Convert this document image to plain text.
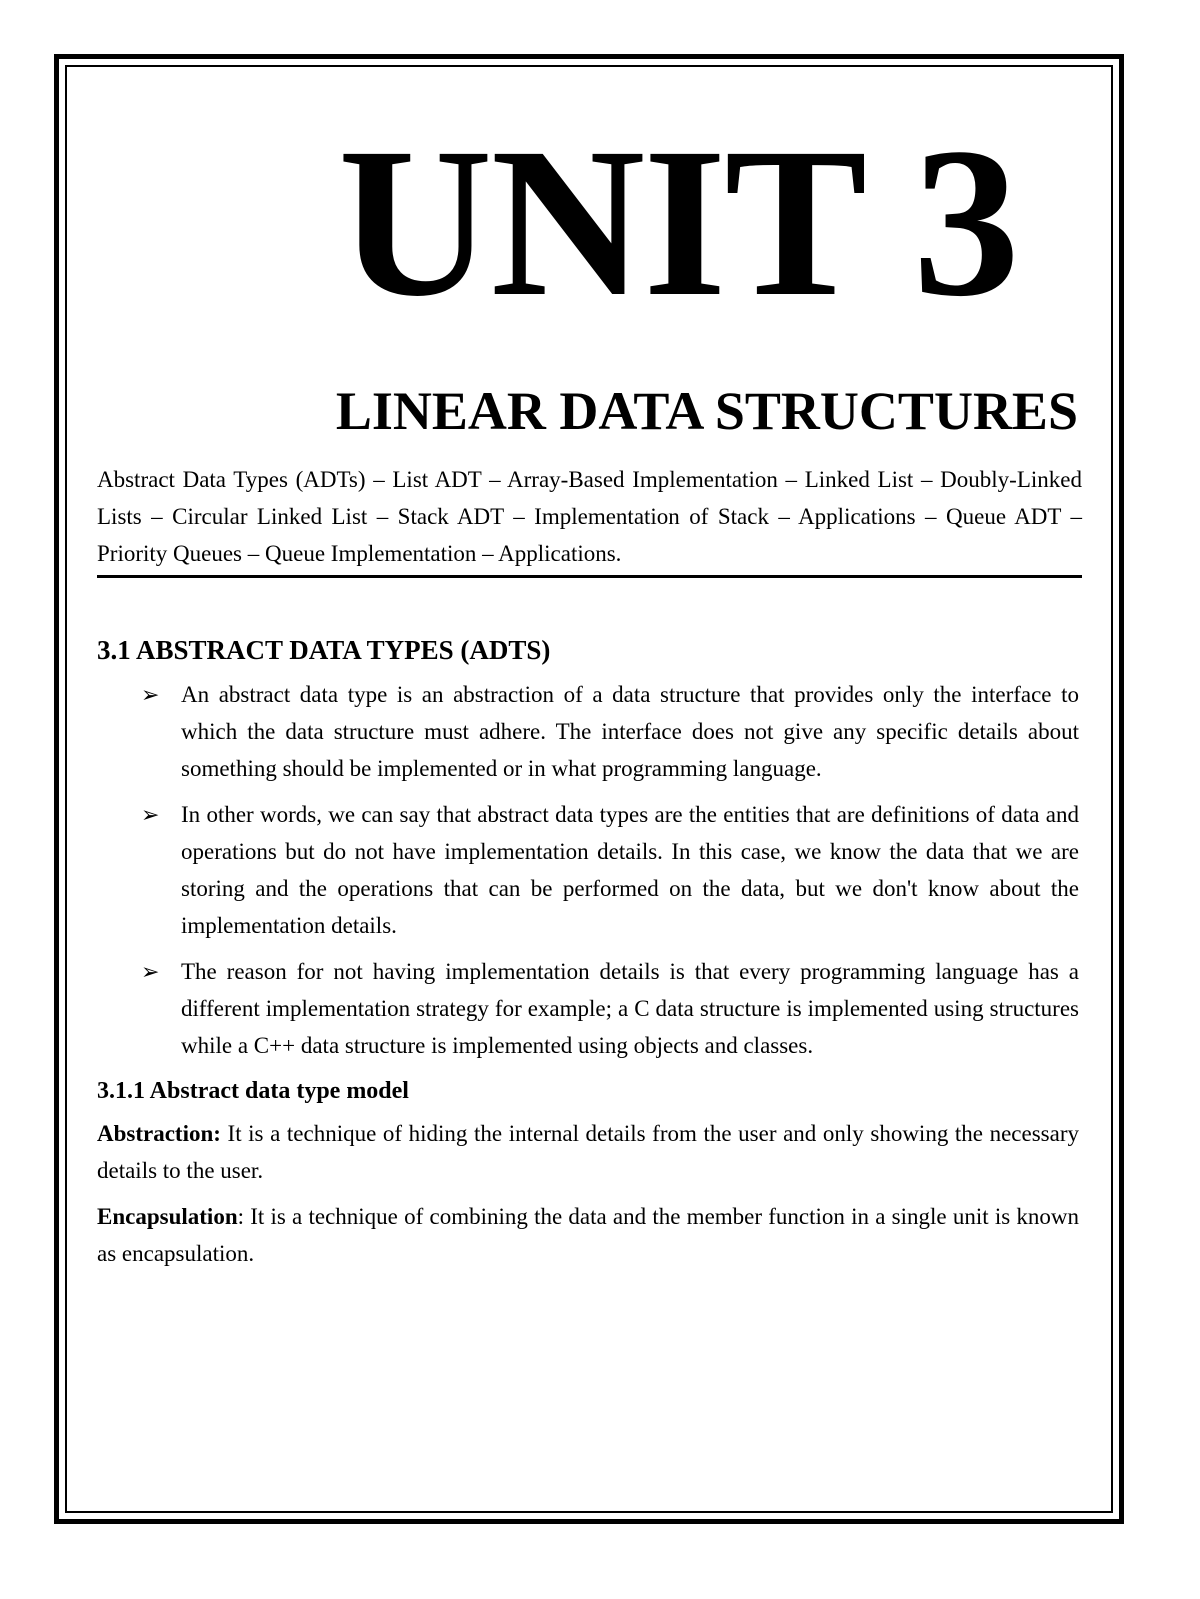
UNIT 3
LINEAR DATA STRUCTURES

Abstract Data Types (ADTs) – List ADT – Array-Based Implementation – Linked List – Doubly-Linked Lists – Circular Linked List – Stack ADT – Implementation of Stack – Applications – Queue ADT – Priority Queues – Queue Implementation – Applications.

3.1 ABSTRACT DATA TYPES (ADTS)
➢ An abstract data type is an abstraction of a data structure that provides only the interface to which the data structure must adhere. The interface does not give any specific details about something should be implemented or in what programming language.
➢ In other words, we can say that abstract data types are the entities that are definitions of data and operations but do not have implementation details. In this case, we know the data that we are storing and the operations that can be performed on the data, but we don't know about the implementation details.
➢ The reason for not having implementation details is that every programming language has a different implementation strategy for example; a C data structure is implemented using structures while a C++ data structure is implemented using objects and classes.
3.1.1 Abstract data type model

Abstraction: It is a technique of hiding the internal details from the user and only showing the necessary details to the user.

Encapsulation: It is a technique of combining the data and the member function in a single unit is known as encapsulation.
